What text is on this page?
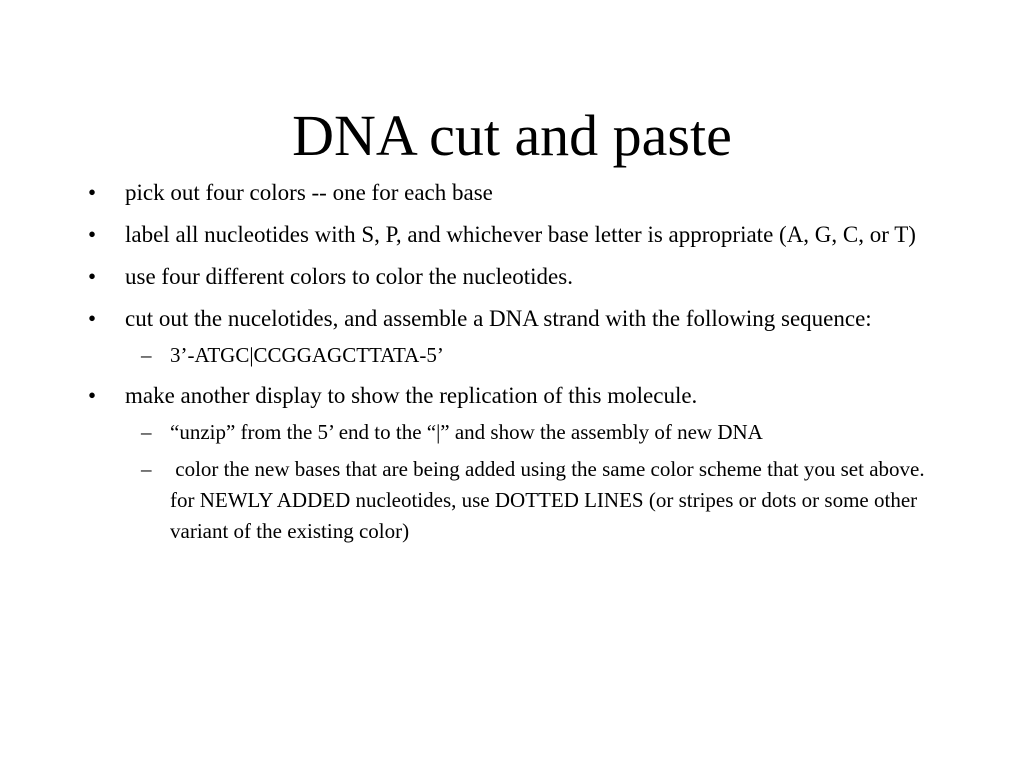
DNA cut and paste
• pick out four colors -- one for each base
• label all nucleotides with S, P, and whichever base letter is appropriate (A, G, C, or T)
• use four different colors to color the nucleotides.
• cut out the nucelotides, and assemble a DNA strand with the following sequence:
– 3’-ATGC|CCGGAGCTTATA-5’
• make another display to show the replication of this molecule.
– “unzip” from the 5’ end to the “|” and show the assembly of new DNA
– color the new bases that are being added using the same color scheme that you set above.  for NEWLY ADDED nucleotides, use DOTTED LINES (or stripes or dots or some other variant of the existing color)
